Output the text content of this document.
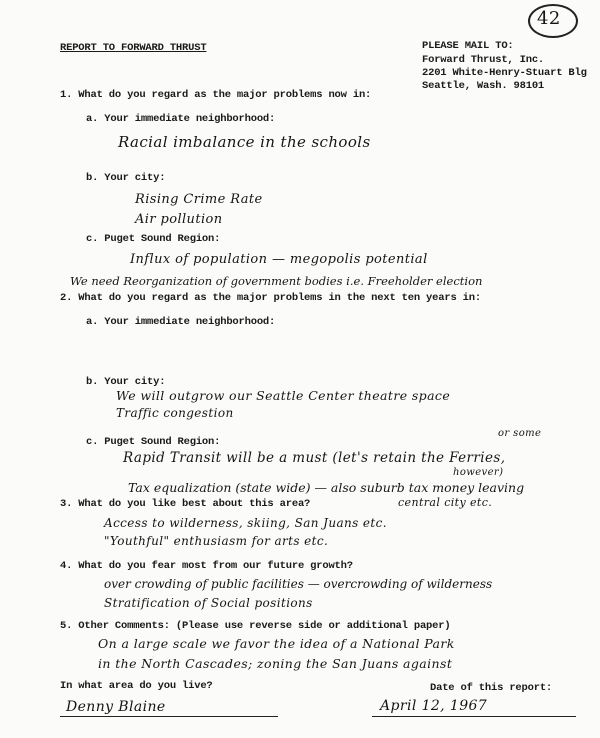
42
REPORT TO FORWARD THRUST	PLEASE MAIL TO:
Forward Thrust, Inc.
2201 White-Henry-Stuart Blg
Seattle, Wash. 98101
1. What do you regard as the major problems now in:
a. Your immediate neighborhood:
Racial imbalance in the schools
b. Your city:
Rising Crime Rate
Air pollution
c. Puget Sound Region:
Influx of population — megopolis potential
We need Reorganization of government bodies i.e. Freeholder election
2. What do you regard as the major problems in the next ten years in:
a. Your immediate neighborhood:
b. Your city:
We will outgrow our Seattle Center theatre space
Traffic congestion
c. Puget Sound Region:
or some
Rapid Transit will be a must (let's retain the Ferries,
however)
Tax equalization (state wide) — also suburb tax money leaving
central city etc.
3. What do you like best about this area?
Access to wilderness, skiing, San Juans etc.
"Youthful" enthusiasm for arts etc.
4. What do you fear most from our future growth?
over crowding of public facilities — overcrowding of wilderness
Stratification of Social positions
5. Other Comments: (Please use reverse side or additional paper)
On a large scale we favor the idea of a National Park
in the North Cascades; zoning the San Juans against
In what area do you live?
Denny Blaine
Date of this report:
April 12, 1967
